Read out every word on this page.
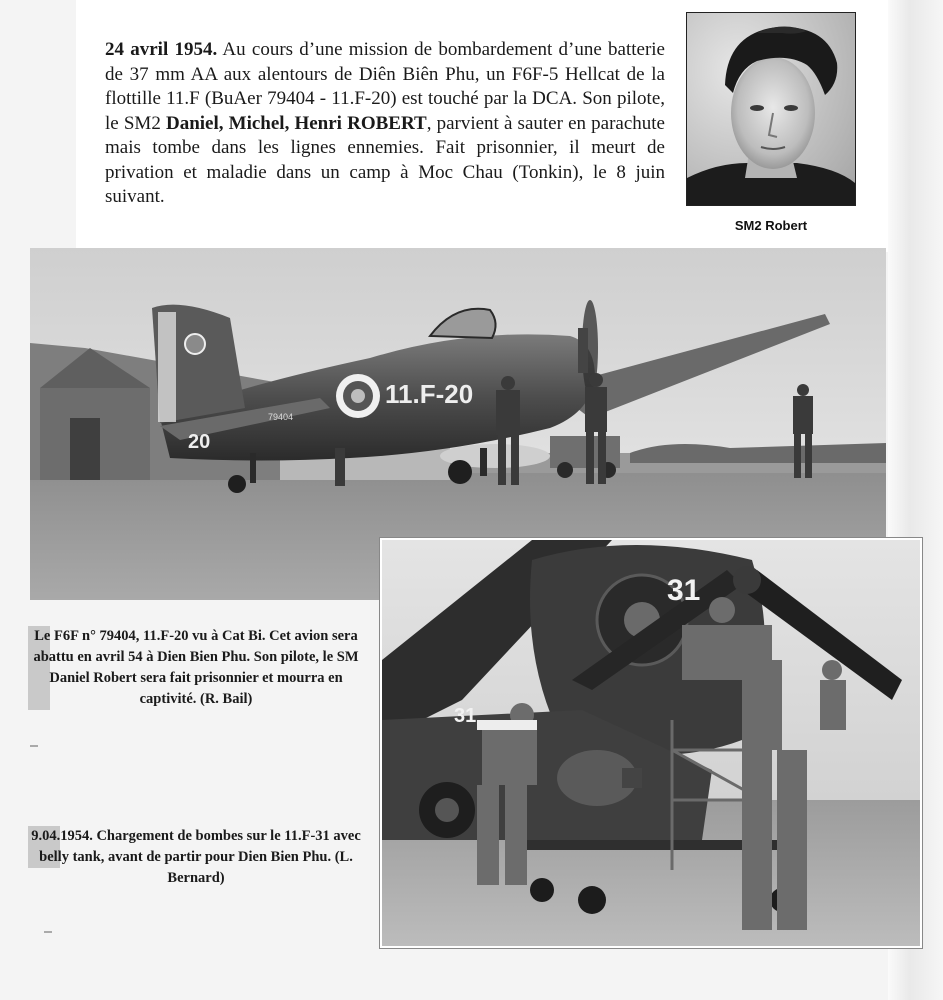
24 avril 1954. Au cours d’une mission de bombardement d’une batterie de 37 mm AA aux alentours de Diên Biên Phu, un F6F-5 Hellcat de la flottille 11.F (BuAer 79404 - 11.F-20) est touché par la DCA. Son pilote, le SM2 Daniel, Michel, Henri ROBERT, parvient à sauter en parachute mais tombe dans les lignes ennemies. Fait prisonnier, il meurt de privation et maladie dans un camp à Moc Chau (Tonkin), le 8 juin suivant.
SM2 Robert
11.F-20
20
79404
31
31
Le F6F n° 79404, 11.F-20 vu à Cat Bi. Cet avion sera abattu en avril 54 à Dien Bien Phu. Son pilote, le SM Daniel Robert sera fait prisonnier et mourra en captivité. (R. Bail)
9.04.1954. Chargement de bombes sur le 11.F-31 avec belly tank, avant de partir pour Dien Bien Phu. (L. Bernard)
